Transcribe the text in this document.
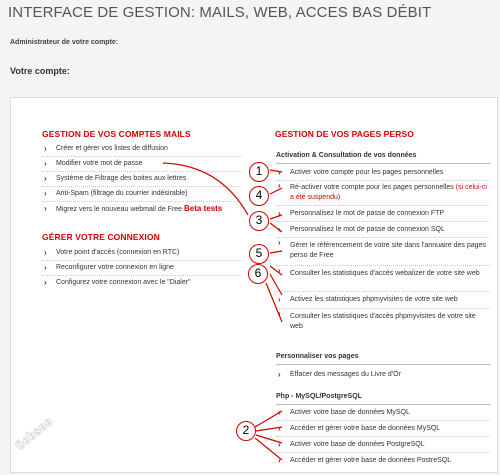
INTERFACE DE GESTION: MAILS, WEB, ACCES BAS DÉBIT
Administrateur de votre compte:
Votre compte:
GESTION DE VOS COMPTES MAILS
› Créer et gérer vos listes de diffusion
› Modifier votre mot de passe
› Système de Filtrage des boites aux lettres
› Anti-Spam (filtrage du courrier indésirable)
› Migrez vers le nouveau webmail de Free Beta tests
GÉRER VOTRE CONNEXION
› Votre point d'accès (connexion en RTC)
› Reconfigurer votre connexion en ligne
› Configurez votre connexion avec le "Dialer"
GESTION DE VOS PAGES PERSO
Activation & Consultation de vos données
› Activer votre compte pour les pages personnelles
› Ré-activer votre compte pour les pages personnelles (si celui-ci a été suspendu)
› Personnalisez le mot de passe de connexion FTP
› Personnalisez le mot de passe de connexion SQL
› Gérer le référencement de votre site dans l'annuaire des pages perso de Free
› Consulter les statistiques d'accès webalizer de votre site web
› Activez les statistiques phpmyvisites de votre site web
› Consulter les statistiques d'accès phpmyvisites de votre site web
Personnaliser vos pages
› Effacer des messages du Livre d'Or
Php - MySQL/PostgreSQL
› Activer votre base de données MySQL
› Accéder et gérer votre base de données MySQL
› Activer votre base de données PostgreSQL
› Accéder et gérer votre base de données PostreSQL
1
4
3
5
6
2
Sebsoo
